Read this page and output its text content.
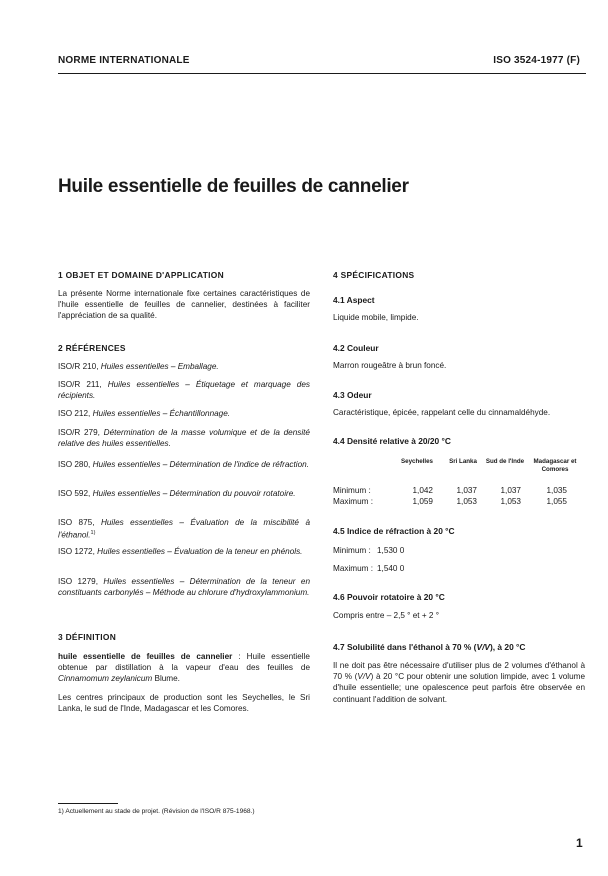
NORME INTERNATIONALE	ISO 3524-1977 (F)
Huile essentielle de feuilles de cannelier
1 OBJET ET DOMAINE D'APPLICATION
La présente Norme internationale fixe certaines caractéristiques de l'huile essentielle de feuilles de cannelier, destinées à faciliter l'appréciation de sa qualité.
2 RÉFÉRENCES
ISO/R 210, Huiles essentielles – Emballage.
ISO/R 211, Huiles essentielles – Étiquetage et marquage des récipients.
ISO 212, Huiles essentielles – Échantillonnage.
ISO/R 279, Détermination de la masse volumique et de la densité relative des huiles essentielles.
ISO 280, Huiles essentielles – Détermination de l'indice de réfraction.
ISO 592, Huiles essentielles – Détermination du pouvoir rotatoire.
ISO 875, Huiles essentielles – Évaluation de la miscibilité à l'éthanol.$^{1)}$
ISO 1272, Huiles essentielles – Évaluation de la teneur en phénols.
ISO 1279, Huiles essentielles – Détermination de la teneur en constituants carbonylés – Méthode au chlorure d'hydroxylammonium.
3 DÉFINITION
huile essentielle de feuilles de cannelier : Huile essentielle obtenue par distillation à la vapeur d'eau des feuilles de Cinnamomum zeylanicum Blume.
Les centres principaux de production sont les Seychelles, le Sri Lanka, le sud de l'Inde, Madagascar et les Comores.
4 SPÉCIFICATIONS
4.1 Aspect
Liquide mobile, limpide.
4.2 Couleur
Marron rougeâtre à brun foncé.
4.3 Odeur
Caractéristique, épicée, rappelant celle du cinnamaldéhyde.
4.4 Densité relative à 20/20 °C
	Seychelles	Sri Lanka	Sud de l'Inde	Madagascar et Comores
Minimum :	1,042	1,037	1,037	1,035
Maximum :	1,059	1,053	1,053	1,055
4.5 Indice de réfraction à 20 °C
Minimum : 1,530 0
Maximum : 1,540 0
4.6 Pouvoir rotatoire à 20 °C
Compris entre – 2,5 ° et + 2 °
4.7 Solubilité dans l'éthanol à 70 % (V/V), à 20 °C
Il ne doit pas être nécessaire d'utiliser plus de 2 volumes d'éthanol à 70 % (V/V) à 20 °C pour obtenir une solution limpide, avec 1 volume d'huile essentielle; une opalescence peut parfois être observée en continuant l'addition de solvant.
1) Actuellement au stade de projet. (Révision de l'ISO/R 875-1968.)
1
